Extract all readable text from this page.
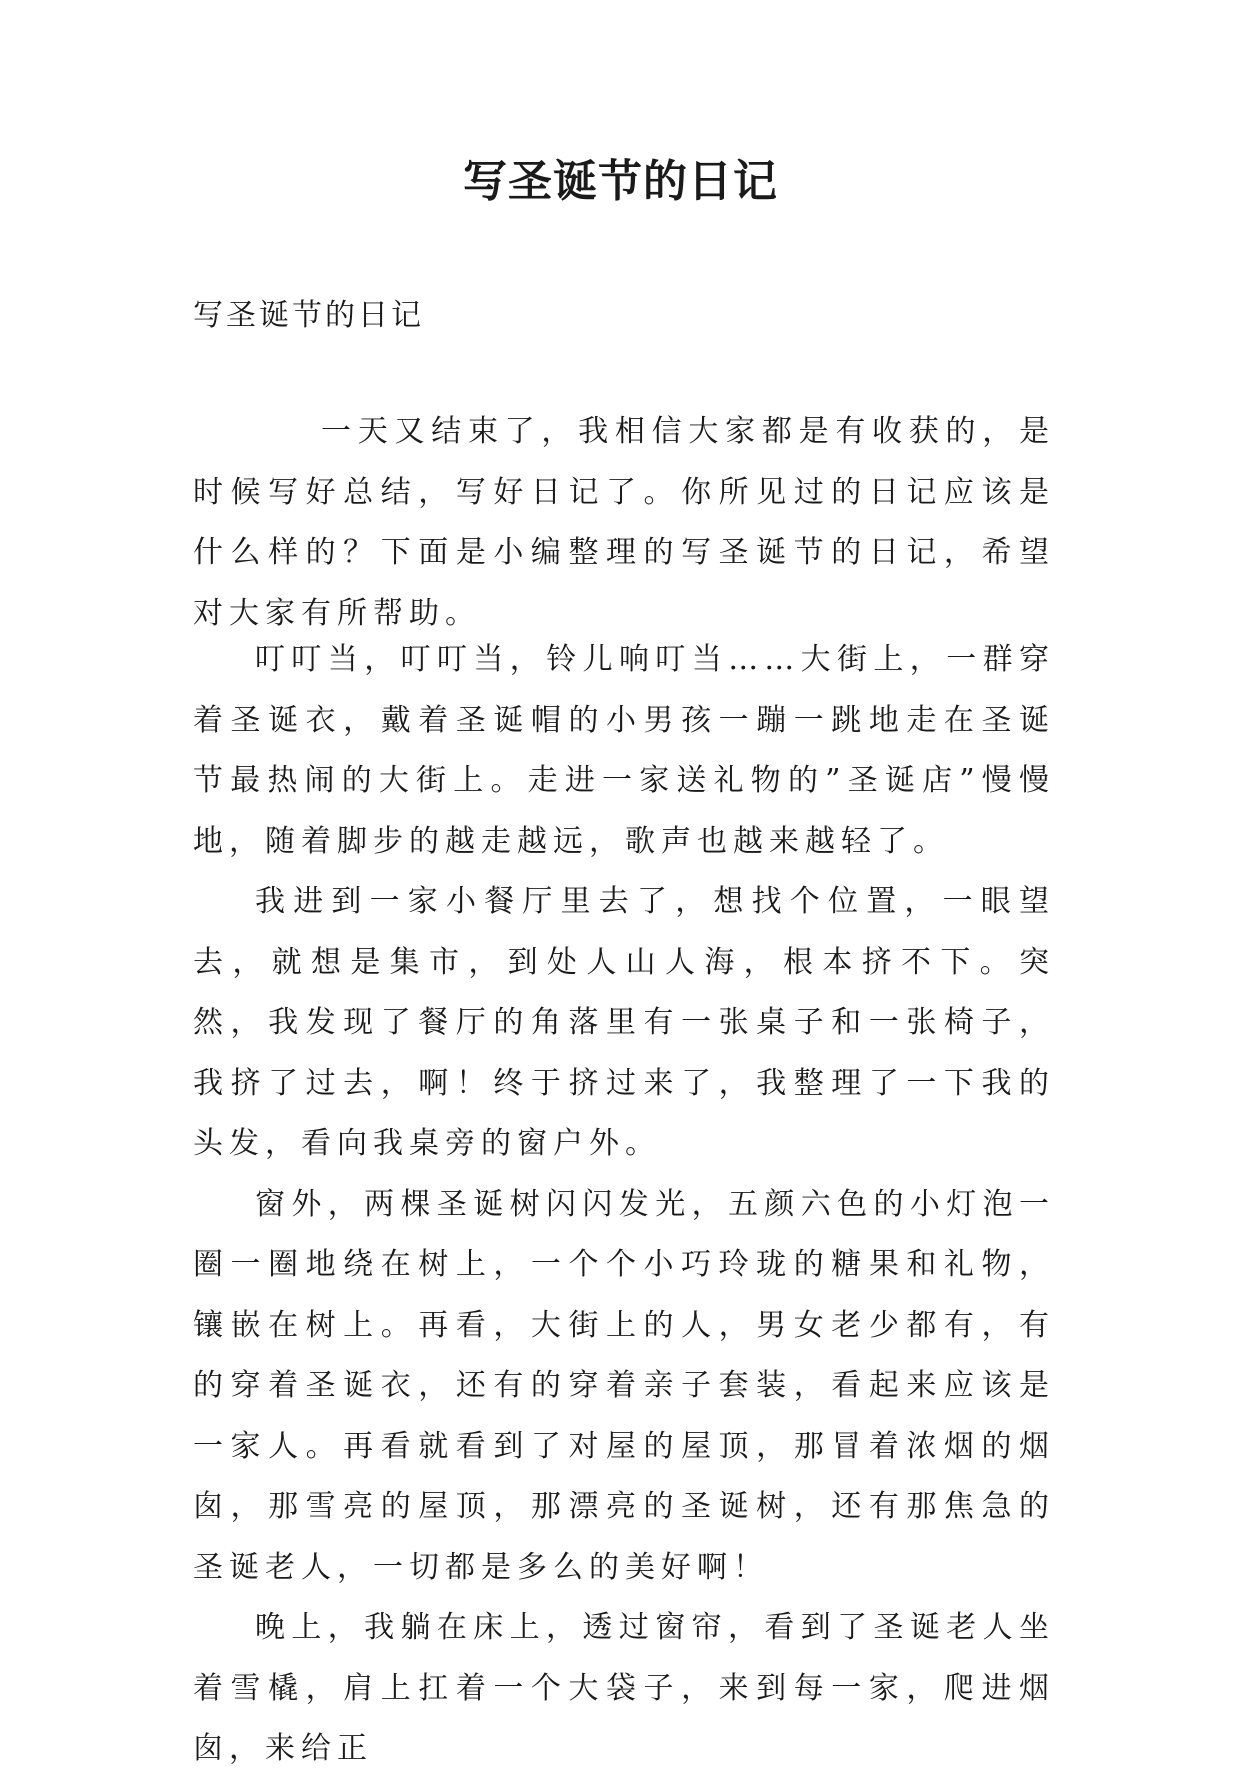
写圣诞节的日记

写圣诞节的日记

一天又结束了，我相信大家都是有收获的，是时候写好总结，写好日记了。你所见过的日记应该是什么样的？下面是小编整理的写圣诞节的日记，希望对大家有所帮助。

叮叮当，叮叮当，铃儿响叮当……大街上，一群穿着圣诞衣，戴着圣诞帽的小男孩一蹦一跳地走在圣诞节最热闹的大街上。走进一家送礼物的”圣诞店”慢慢地，随着脚步的越走越远，歌声也越来越轻了。

我进到一家小餐厅里去了，想找个位置，一眼望去，就想是集市，到处人山人海，根本挤不下。突然，我发现了餐厅的角落里有一张桌子和一张椅子，我挤了过去，啊！终于挤过来了，我整理了一下我的头发，看向我桌旁的窗户外。

窗外，两棵圣诞树闪闪发光，五颜六色的小灯泡一圈一圈地绕在树上，一个个小巧玲珑的糖果和礼物，镶嵌在树上。再看，大街上的人，男女老少都有，有的穿着圣诞衣，还有的穿着亲子套装，看起来应该是一家人。再看就看到了对屋的屋顶，那冒着浓烟的烟囱，那雪亮的屋顶，那漂亮的圣诞树，还有那焦急的圣诞老人，一切都是多么的美好啊！

晚上，我躺在床上，透过窗帘，看到了圣诞老人坐着雪橇，肩上扛着一个大袋子，来到每一家，爬进烟囱，来给正
